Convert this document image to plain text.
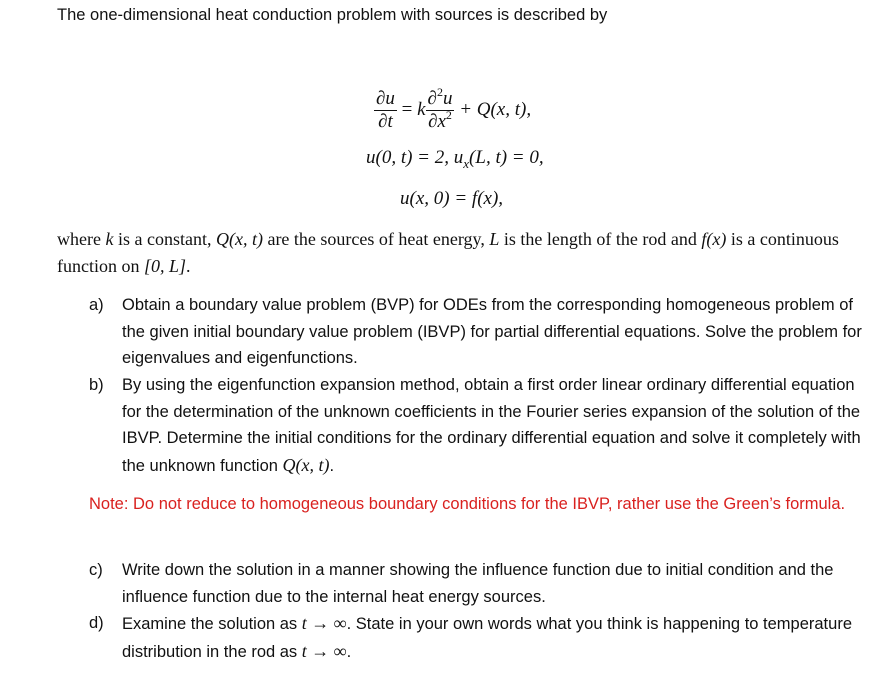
The one-dimensional heat conduction problem with sources is described by
$\frac{\partial u}{\partial t} = k \frac{\partial^2u}{\partial x^2} + Q(x$, t),
u(0, t) = 2, $u_x(L$, t) = 0,
u(x, 0) = f(x),
where k is a constant, Q(x, t) are the sources of heat energy, L is the length of the rod and f(x) is a continuous function on [0, L].
a)	Obtain a boundary value problem (BVP) for ODEs from the corresponding homogeneous problem of the given initial boundary value problem (IBVP) for partial differential equations. Solve the problem for eigenvalues and eigenfunctions.
b)	By using the eigenfunction expansion method, obtain a first order linear ordinary differential equation for the determination of the unknown coefficients in the Fourier series expansion of the solution of the IBVP. Determine the initial conditions for the ordinary differential equation and solve it completely with the unknown function Q(x, t).
Note: Do not reduce to homogeneous boundary conditions for the IBVP, rather use the Green’s formula.
c)	Write down the solution in a manner showing the influence function due to initial condition and the influence function due to the internal heat energy sources.
d)	Examine the solution as t → ∞. State in your own words what you think is happening to temperature distribution in the rod as t → ∞.
